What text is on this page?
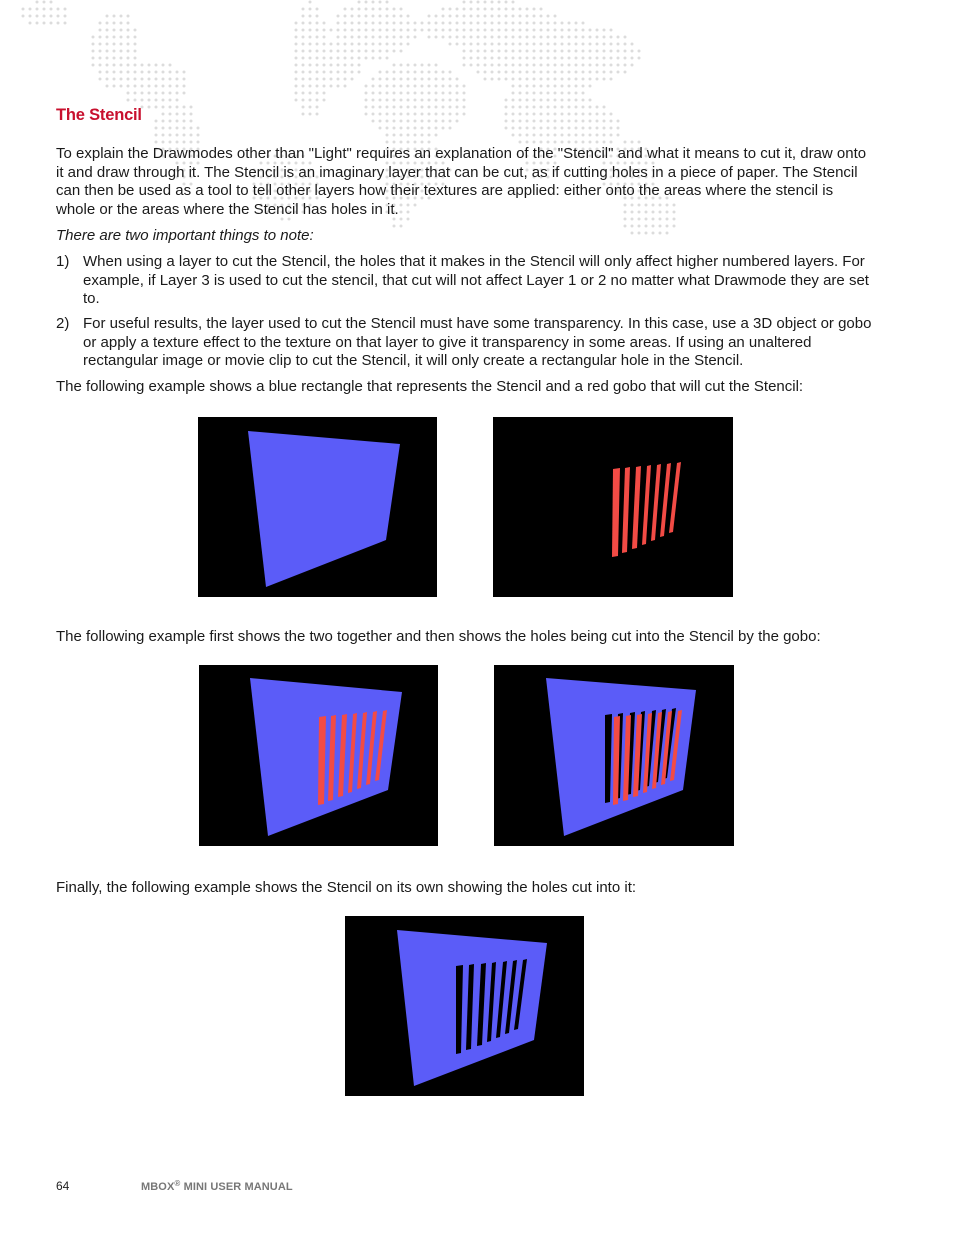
The Stencil

To explain the Drawmodes other than "Light" requires an explanation of the "Stencil" and what it means to cut it, draw onto it and draw through it. The Stencil is an imaginary layer that can be cut, as if cutting holes in a piece of paper. The Stencil can then be used as a tool to tell other layers how their textures are applied: either onto the areas where the stencil is whole or the areas where the Stencil has holes in it.

There are two important things to note:

1) When using a layer to cut the Stencil, the holes that it makes in the Stencil will only affect higher numbered layers. For example, if Layer 3 is used to cut the stencil, that cut will not affect Layer 1 or 2 no matter what Drawmode they are set to.
2) For useful results, the layer used to cut the Stencil must have some transparency. In this case, use a 3D object or gobo or apply a texture effect to the texture on that layer to give it transparency in some areas. If using an unaltered rectangular image or movie clip to cut the Stencil, it will only create a rectangular hole in the Stencil.

The following example shows a blue rectangle that represents the Stencil and a red gobo that will cut the Stencil:

The following example first shows the two together and then shows the holes being cut into the Stencil by the gobo:

Finally, the following example shows the Stencil on its own showing the holes cut into it:

64	MBOX® MINI USER MANUAL
